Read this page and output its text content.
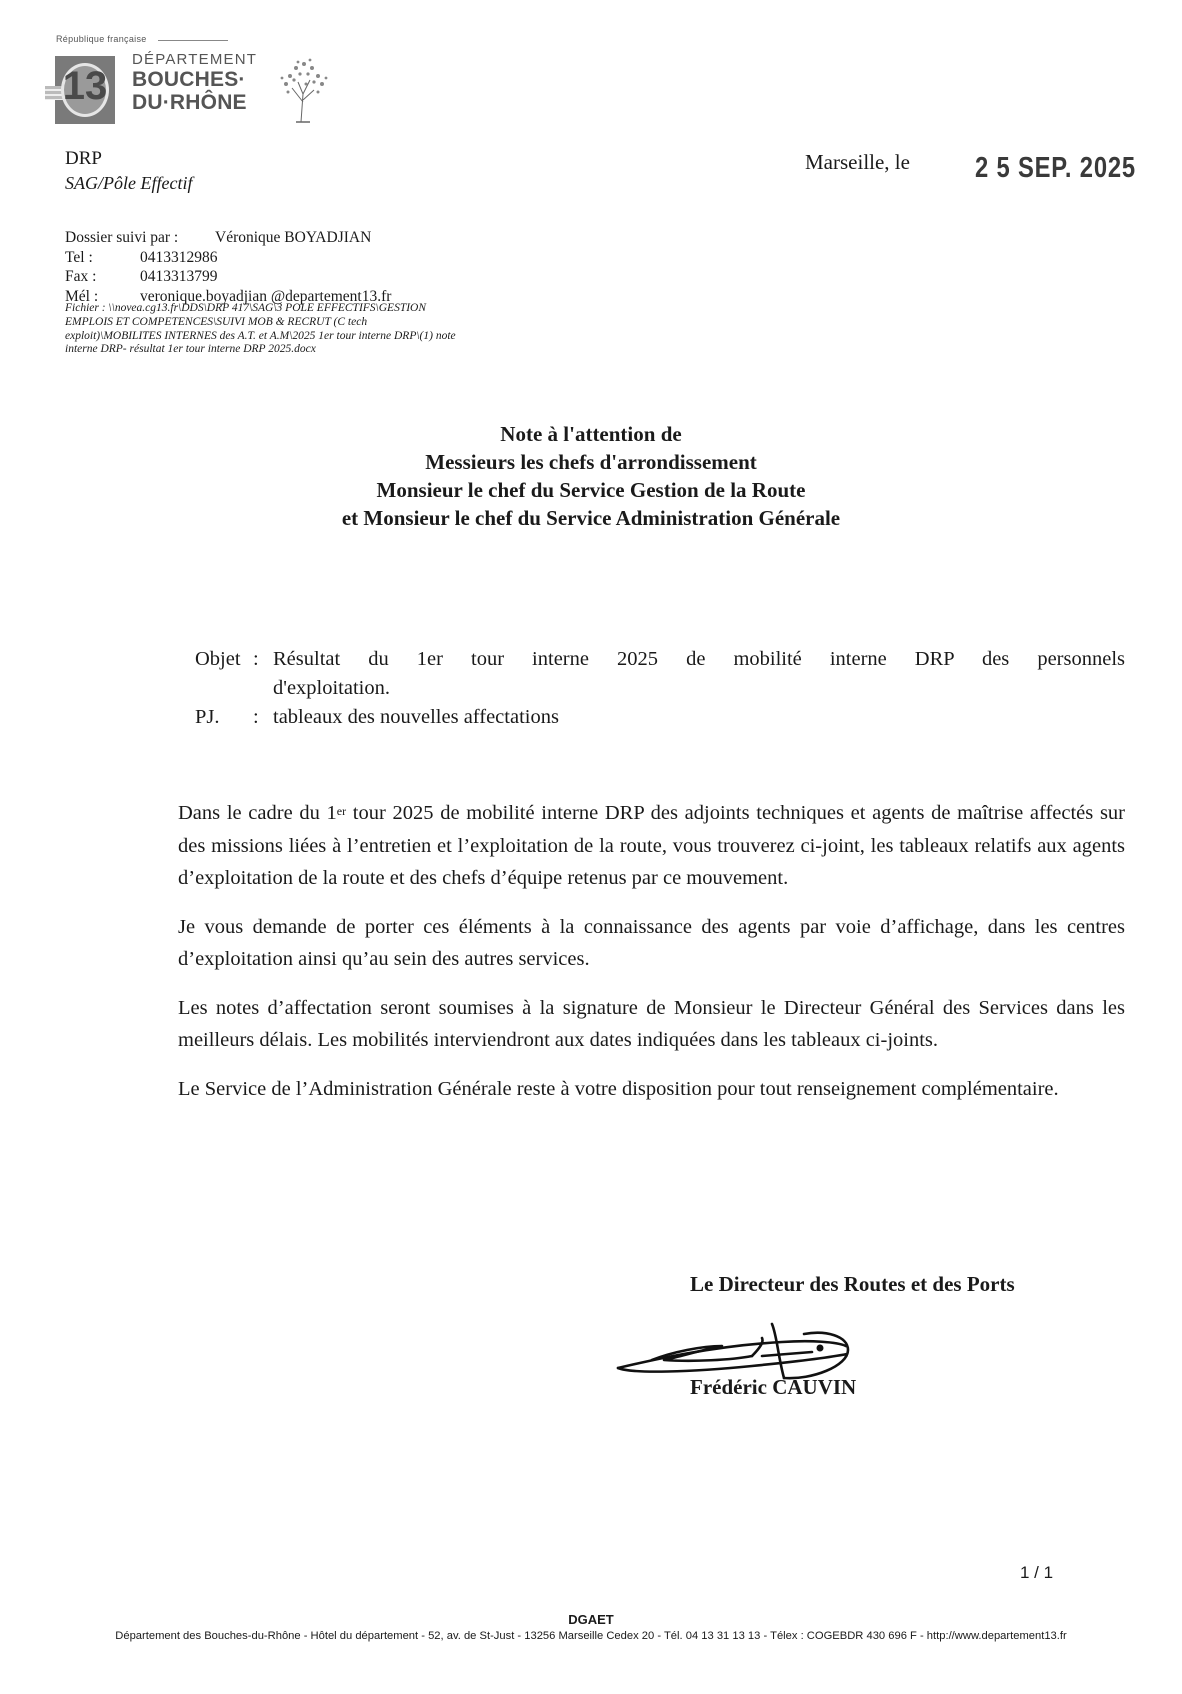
République française
13
DÉPARTEMENT
BOUCHES·
DU·RHÔNE
DRP
SAG/Pôle Effectif
Marseille, le 2 5 SEP. 2025
Dossier suivi par :	Véronique BOYADJIAN
Tel :	0413312986
Fax :	0413313799
Mél :	veronique.boyadjian @departement13.fr
Fichier : \\novea.cg13.fr\DDS\DRP 417\SAG\3 POLE EFFECTIFS\GESTION EMPLOIS ET COMPETENCES\SUIVI MOB & RECRUT (C tech exploit)\MOBILITES INTERNES des A.T. et A.M\2025 1er tour interne DRP\(1) note interne DRP- résultat 1er tour interne DRP 2025.docx
Note à l'attention de
Messieurs les chefs d'arrondissement
Monsieur le chef du Service Gestion de la Route
et Monsieur le chef du Service Administration Générale
Objet : Résultat du 1er tour interne 2025 de mobilité interne DRP des personnels
d'exploitation.
PJ.	: tableaux des nouvelles affectations

Dans le cadre du 1er tour 2025 de mobilité interne DRP des adjoints techniques et agents de maîtrise affectés sur des missions liées à l’entretien et l’exploitation de la route, vous trouverez ci-joint, les tableaux relatifs aux agents d’exploitation de la route et des chefs d’équipe retenus par ce mouvement.

Je vous demande de porter ces éléments à la connaissance des agents par voie d’affichage, dans les centres d’exploitation ainsi qu’au sein des autres services.

Les notes d’affectation seront soumises à la signature de Monsieur le Directeur Général des Services dans les meilleurs délais. Les mobilités interviendront aux dates indiquées dans les tableaux ci-joints.

Le Service de l’Administration Générale reste à votre disposition pour tout renseignement complémentaire.

Le Directeur des Routes et des Ports
Frédéric CAUVIN
1 / 1
DGAET
Département des Bouches-du-Rhône - Hôtel du département - 52, av. de St-Just - 13256 Marseille Cedex 20 - Tél. 04 13 31 13 13 - Télex : COGEBDR 430 696 F - http://www.departement13.fr
